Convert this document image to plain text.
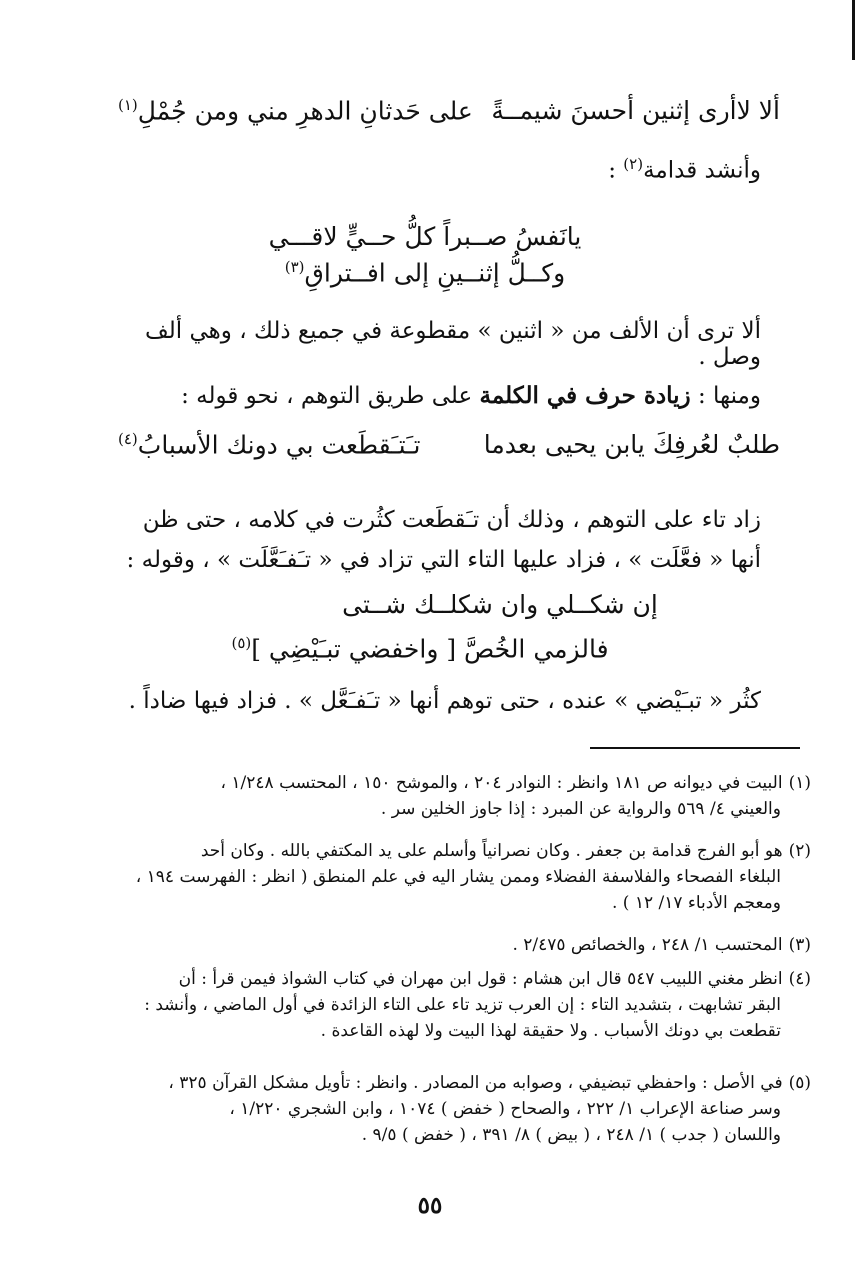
ألا لاأرى إثنين أحسنَ شيمــةً
على حَدثانِ الدهرِ مني ومن جُمْلِ$^{(١)}$
وأنشد قدامة$^{(٢)}$ :
يانَفسُ صــبراً كلُّ حــيٍّ لاقـــي
وكــلُّ إثنــينِ إلى افــتراقِ$^{(٣)}$
ألا ترى أن الألف من « اثنين » مقطوعة في جميع ذلك ، وهي ألف وصل .
ومنها : زيادة حرف في الكلمة على طريق التوهم ، نحو قوله :
طلبٌ لعُرفِكَ يابن يحيى بعدما
تـَتـَقطَعت بي دونك الأسبابُ$^{(٤)}$
زاد تاء على التوهم ، وذلك أن تـَقطَعت كثُرت في كلامه ، حتى ظن أنها « فعَّلَت » ، فزاد عليها التاء التي تزاد في « تـَفـَعَّلَت » ، وقوله :
إن شكــلي وان شكلــك شــتى
فالزمي الخُصَّ [ واخفضي تبـَيْضِي ]$^{(٥)}$
كثُر « تبـَيْضي » عنده ، حتى توهم أنها « تـَفـَعَّل » . فزاد فيها ضاداً .
(١)البيت في ديوانه ص ١٨١ وانظر : النوادر ٢٠٤ ، والموشح ١٥٠ ، المحتسب ١/٢٤٨ ،
والعيني ٤/ ٥٦٩ والرواية عن المبرد : إذا جاوز الخلين سر .
(٢)هو أبو الفرج قدامة بن جعفر . وكان نصرانياً وأسلم على يد المكتفي بالله . وكان أحد
البلغاء الفصحاء والفلاسفة الفضلاء وممن يشار اليه في علم المنطق ( انظر : الفهرست ١٩٤ ،
ومعجم الأدباء ١٧/ ١٢ ) .
(٣)المحتسب ١/ ٢٤٨ ، والخصائص ٢/٤٧٥ .
(٤)انظر مغني اللبيب ٥٤٧ قال ابن هشام : قول ابن مهران في كتاب الشواذ فيمن قرأ : أن
البقر تشابهت ، بتشديد التاء : إن العرب تزيد تاء على التاء الزائدة في أول الماضي ، وأنشد :
تقطعت بي دونك الأسباب . ولا حقيقة لهذا البيت ولا لهذه القاعدة .
(٥)في الأصل : واحفظي تبضيفي ، وصوابه من المصادر . وانظر : تأويل مشكل القرآن ٣٢٥ ،
وسر صناعة الإعراب ١/ ٢٢٢ ، والصحاح ( خفض ) ١٠٧٤ ، وابن الشجري ١/٢٢٠ ،
واللسان ( جدب ) ١/ ٢٤٨ ، ( بيض ) ٨/ ٣٩١ ، ( خفض ) ٩/٥ .
٥٥
